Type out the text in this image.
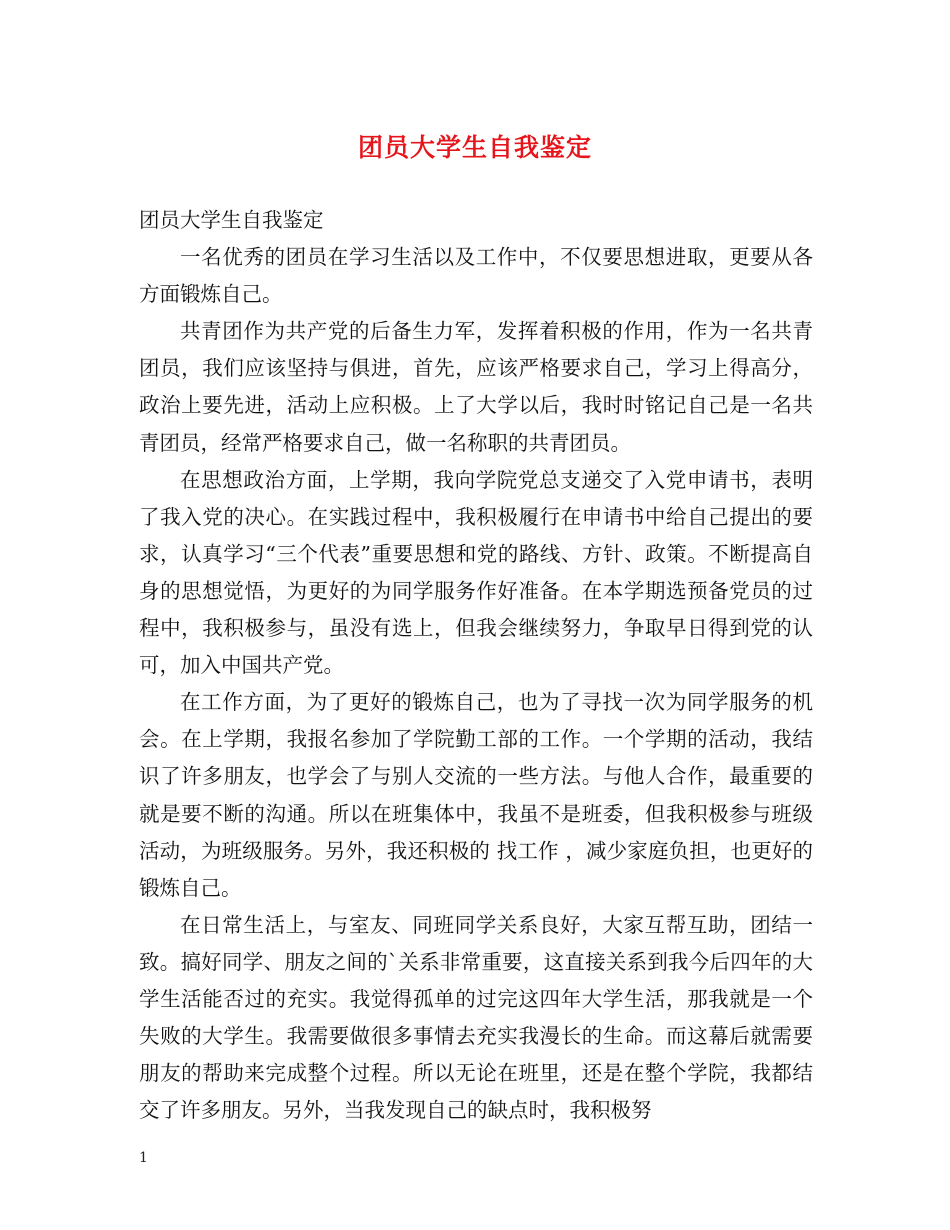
团员大学生自我鉴定

团员大学生自我鉴定

一名优秀的团员在学习生活以及工作中，不仅要思想进取，更要从各方面锻炼自己。

共青团作为共产党的后备生力军，发挥着积极的作用，作为一名共青团员，我们应该坚持与俱进，首先，应该严格要求自己，学习上得高分，政治上要先进，活动上应积极。上了大学以后，我时时铭记自己是一名共青团员，经常严格要求自己，做一名称职的共青团员。

在思想政治方面，上学期，我向学院党总支递交了入党申请书，表明了我入党的决心。在实践过程中，我积极履行在申请书中给自己提出的要求，认真学习“三个代表”重要思想和党的路线、方针、政策。不断提高自身的思想觉悟，为更好的为同学服务作好准备。在本学期选预备党员的过程中，我积极参与，虽没有选上，但我会继续努力，争取早日得到党的认可，加入中国共产党。

在工作方面，为了更好的锻炼自己，也为了寻找一次为同学服务的机会。在上学期，我报名参加了学院勤工部的工作。一个学期的活动，我结识了许多朋友，也学会了与别人交流的一些方法。与他人合作，最重要的就是要不断的沟通。所以在班集体中，我虽不是班委，但我积极参与班级活动，为班级服务。另外，我还积极的 找工作 ，减少家庭负担，也更好的锻炼自己。

在日常生活上，与室友、同班同学关系良好，大家互帮互助，团结一致。搞好同学、朋友之间的`关系非常重要，这直接关系到我今后四年的大学生活能否过的充实。我觉得孤单的过完这四年大学生活，那我就是一个失败的大学生。我需要做很多事情去充实我漫长的生命。而这幕后就需要朋友的帮助来完成整个过程。所以无论在班里，还是在整个学院，我都结交了许多朋友。另外，当我发现自己的缺点时，我积极努

1
